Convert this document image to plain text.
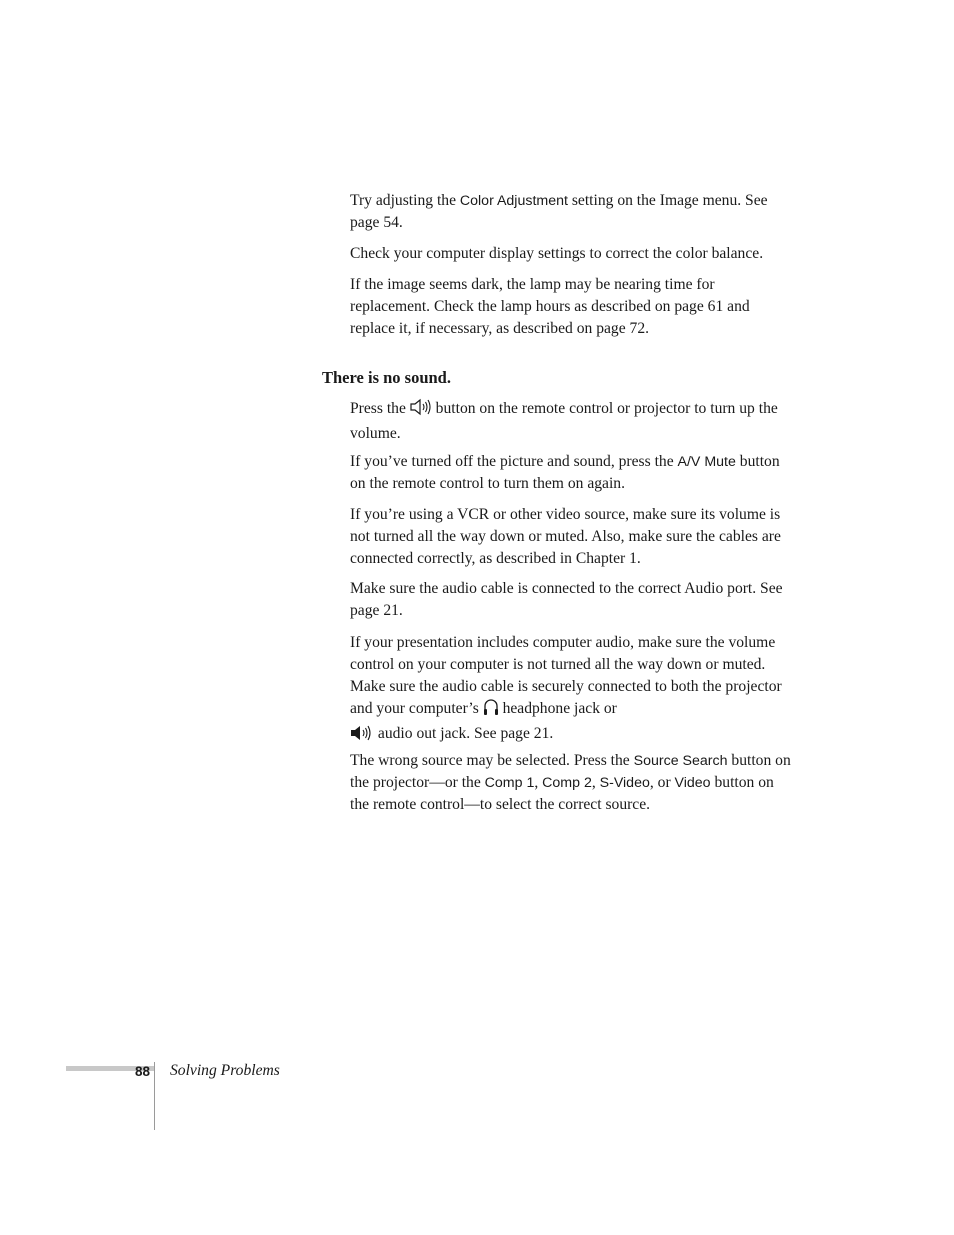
Try adjusting the Color Adjustment setting on the Image menu. See page 54.

Check your computer display settings to correct the color balance.

If the image seems dark, the lamp may be nearing time for replacement. Check the lamp hours as described on page 61 and replace it, if necessary, as described on page 72.

There is no sound.

Press the  button on the remote control or projector to turn up the volume.

If you’ve turned off the picture and sound, press the A/V Mute button on the remote control to turn them on again.

If you’re using a VCR or other video source, make sure its volume is not turned all the way down or muted. Also, make sure the cables are connected correctly, as described in Chapter 1.

Make sure the audio cable is connected to the correct Audio port. See page 21.

If your presentation includes computer audio, make sure the volume control on your computer is not turned all the way down or muted. Make sure the audio cable is securely connected to both the projector and your computer’s  headphone jack or
audio out jack. See page 21.

The wrong source may be selected. Press the Source Search button on the projector—or the Comp 1, Comp 2, S-Video, or Video button on the remote control—to select the correct source.

88 Solving Problems
